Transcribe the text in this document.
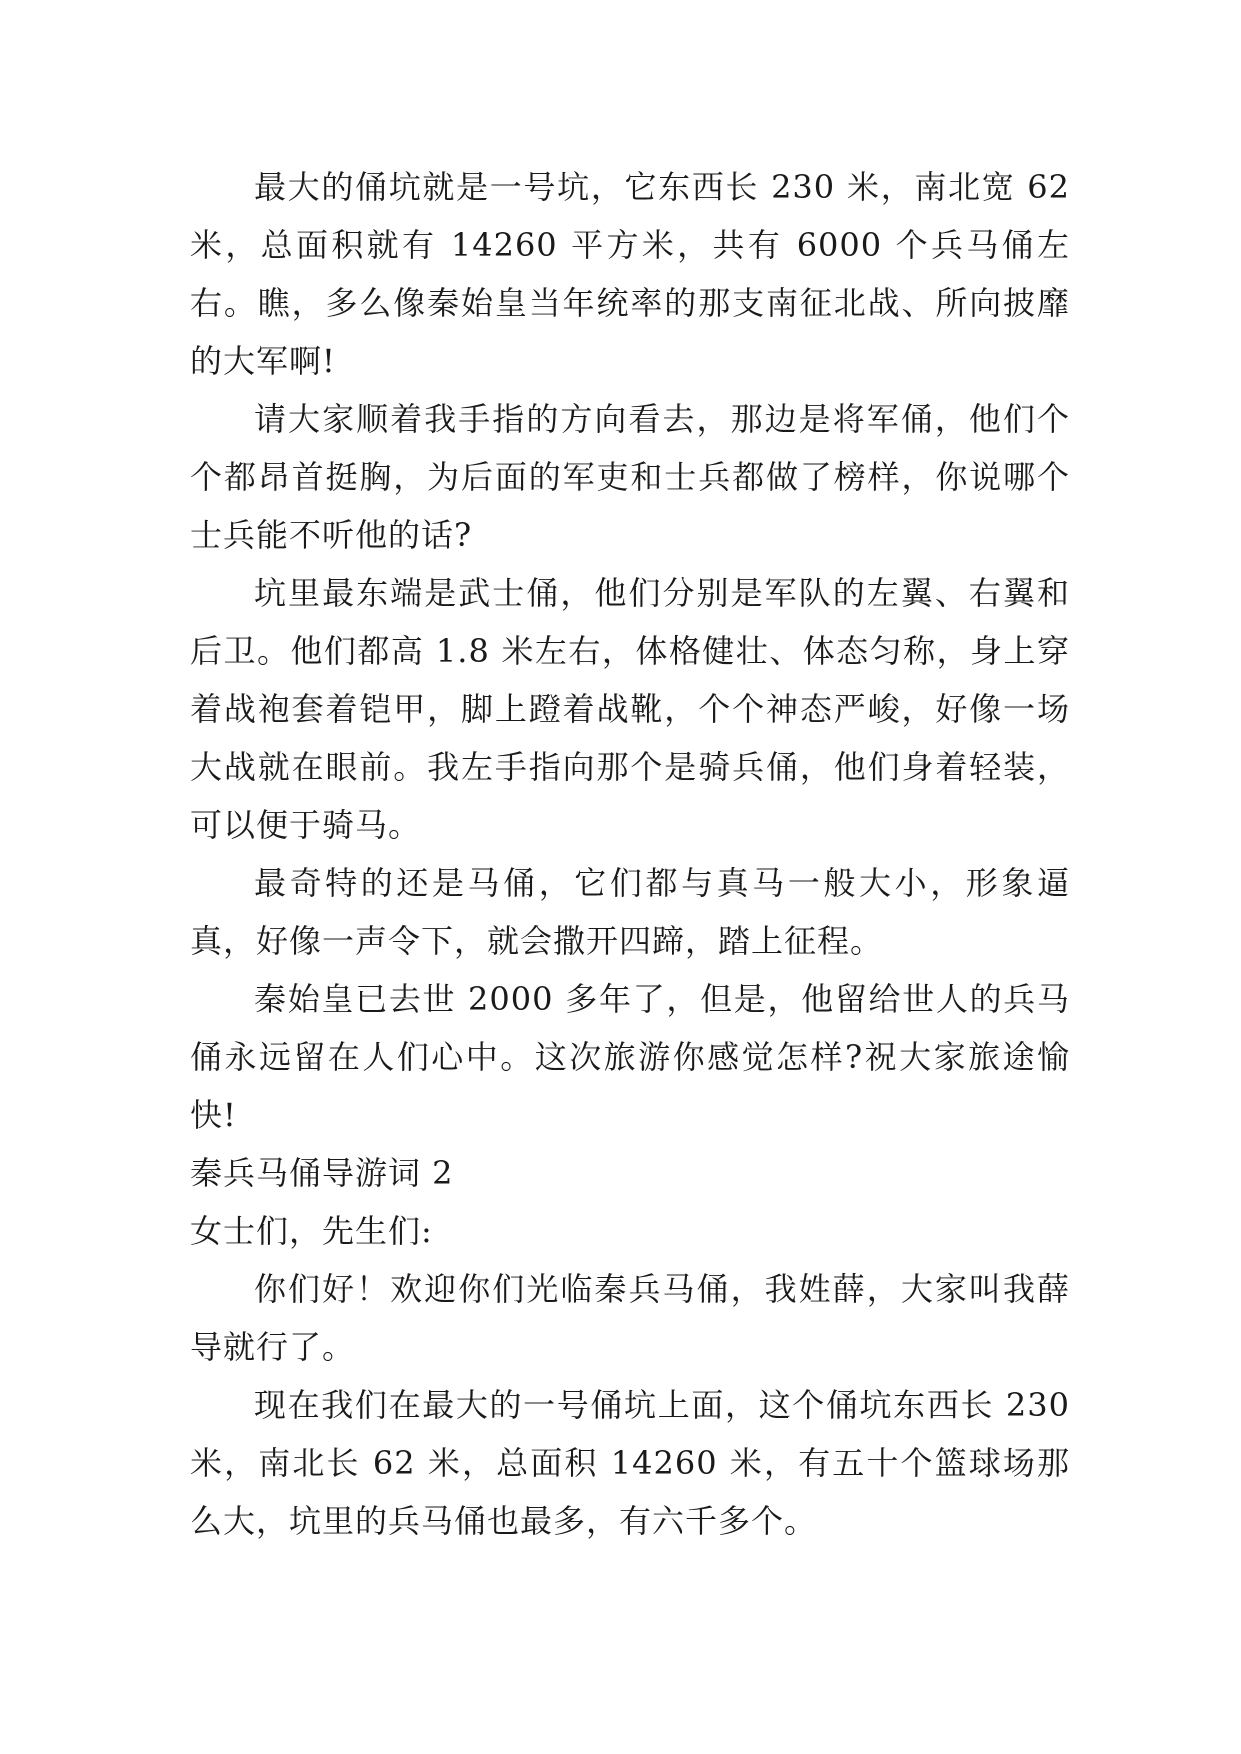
最大的俑坑就是一号坑，它东西长 230 米，南北宽 62 米，总面积就有 14260 平方米，共有 6000 个兵马俑左右。瞧，多么像秦始皇当年统率的那支南征北战、所向披靡的大军啊!

请大家顺着我手指的方向看去，那边是将军俑，他们个个都昂首挺胸，为后面的军吏和士兵都做了榜样，你说哪个士兵能不听他的话?

坑里最东端是武士俑，他们分别是军队的左翼、右翼和后卫。他们都高 1.8 米左右，体格健壮、体态匀称，身上穿着战袍套着铠甲，脚上蹬着战靴，个个神态严峻，好像一场大战就在眼前。我左手指向那个是骑兵俑，他们身着轻装，可以便于骑马。

最奇特的还是马俑，它们都与真马一般大小，形象逼真，好像一声令下，就会撒开四蹄，踏上征程。

秦始皇已去世 2000 多年了，但是，他留给世人的兵马俑永远留在人们心中。这次旅游你感觉怎样?祝大家旅途愉快!

秦兵马俑导游词 2

女士们，先生们:

你们好！欢迎你们光临秦兵马俑，我姓薛，大家叫我薛导就行了。

现在我们在最大的一号俑坑上面，这个俑坑东西长 230 米，南北长 62 米，总面积 14260 米，有五十个篮球场那么大，坑里的兵马俑也最多，有六千多个。
